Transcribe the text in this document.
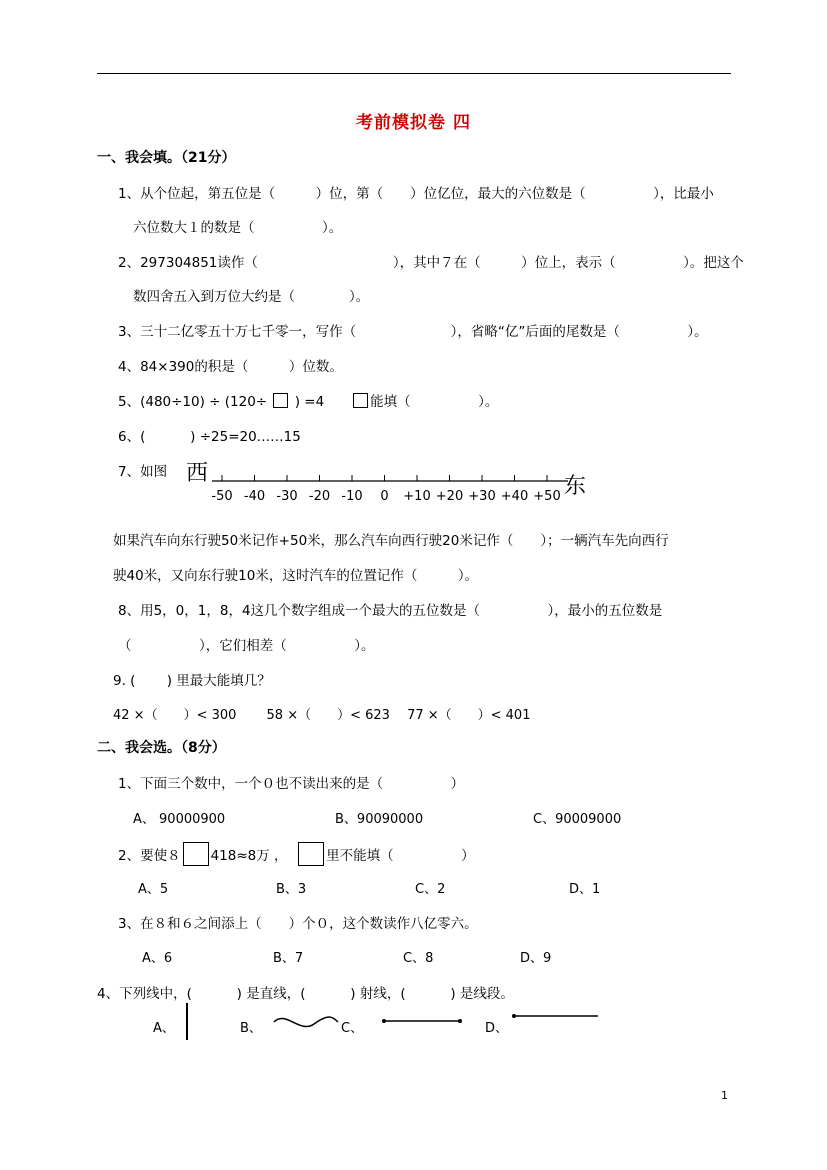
考前模拟卷 四
一、我会填。（21分）
1、从个位起，第五位是（　　　）位，第（　　）位亿位，最大的六位数是（　　　　　），比最小
六位数大１的数是（　　　　　）。
2、297304851读作（　　　　　　　　　　），其中７在（　　　）位上，表示（　　　　　）。把这个
数四舍五入到万位大约是（　　　　）。
3、三十二亿零五十万七千零一，写作（　　　　　　　），省略“亿”后面的尾数是（　　　　　）。
4、84×390的积是（　　　）位数。
5、(480÷10) ÷ (120÷  ) =4　　能填（　　　　　）。
6、(　　　 ) ÷25=20……15
7、如图 西
-50 -40 -30 -20 -10 0 +10 +20 +30 +40 +50 东
如果汽车向东行驶50米记作+50米，那么汽车向西行驶20米记作（　　）；一辆汽车先向西行
驶40米，又向东行驶10米，这时汽车的位置记作（　　　）。
8、用5，0，1，8，4这几个数字组成一个最大的五位数是（　　　　　），最小的五位数是
（　　　　　），它们相差（　　　　　）。
9. (　　 ) 里最大能填几？
42 ×（　　）< 300　　 58 ×（　　）< 623　 77 ×（　　）< 401
二、我会选。（8分）
1、下面三个数中，一个０也不读出来的是（　　　　　）
A、 90000900	B、90090000	C、90009000
2、要使８ 418≈8万 ，	里不能填（　　　　　）
A、5	B、3	C、2	D、1
3、在８和６之间添上（　　）个０，这个数读作八亿零六。
A、6	B、7	C、8	D、9
4、下列线中，(　　　 ) 是直线，(　　　 ) 射线，(　　　 ) 是线段。
A、	B、	C、	D、
1
